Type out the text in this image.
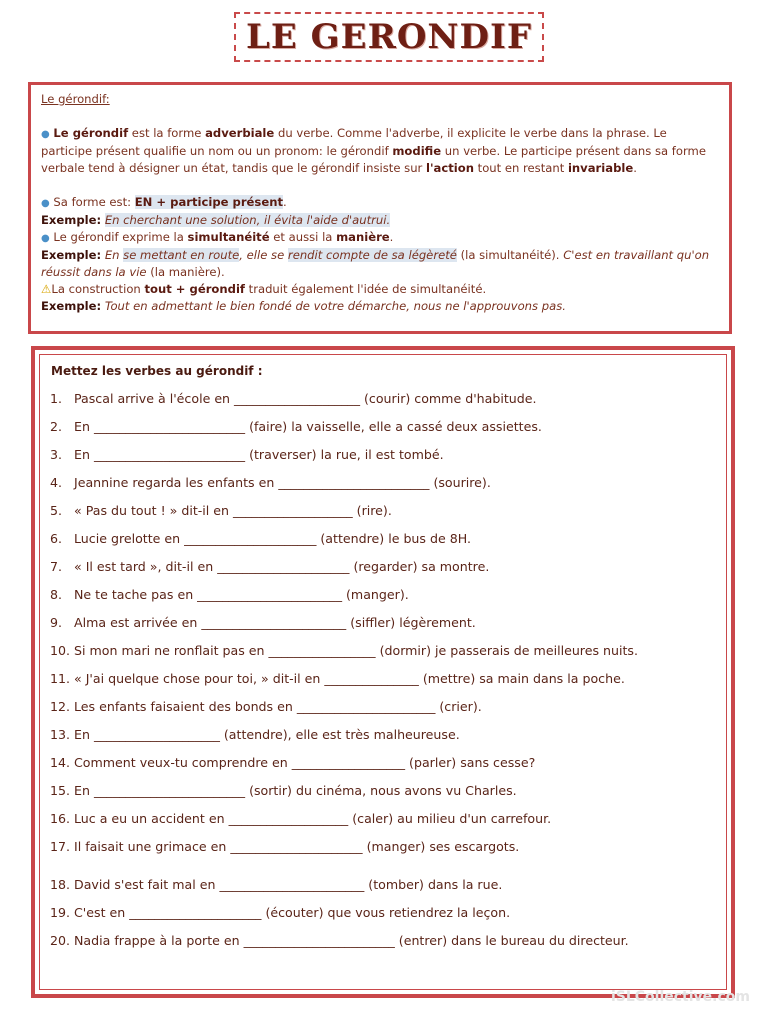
LE GERONDIF
Le gérondif:
● Le gérondif est la forme adverbiale du verbe. Comme l'adverbe, il explicite le verbe dans la phrase. Le participe présent qualifie un nom ou un pronom: le gérondif modifie un verbe. Le participe présent dans sa forme verbale tend à désigner un état, tandis que le gérondif insiste sur l'action tout en restant invariable.
● Sa forme est: EN + participe présent.
Exemple: En cherchant une solution, il évita l'aide d'autrui.
● Le gérondif exprime la simultanéité et aussi la manière.
Exemple: En se mettant en route, elle se rendit compte de sa légèreté (la simultanéité). C'est en travaillant qu'on réussit dans la vie (la manière).
⚠La construction tout + gérondif traduit également l'idée de simultanéité.
Exemple: Tout en admettant le bien fondé de votre démarche, nous ne l'approuvons pas.
Mettez les verbes au gérondif :
1. Pascal arrive à l'école en ____________________ (courir) comme d'habitude.
2. En ________________________ (faire) la vaisselle, elle a cassé deux assiettes.
3. En ________________________ (traverser) la rue, il est tombé.
4. Jeannine regarda les enfants en ________________________ (sourire).
5. « Pas du tout ! » dit-il en ___________________ (rire).
6. Lucie grelotte en _____________________ (attendre) le bus de 8H.
7. « Il est tard », dit-il en _____________________ (regarder) sa montre.
8. Ne te tache pas en _______________________ (manger).
9. Alma est arrivée en _______________________ (siffler) légèrement.
10. Si mon mari ne ronflait pas en _________________ (dormir) je passerais de meilleures nuits.
11. « J'ai quelque chose pour toi, » dit-il en _______________ (mettre) sa main dans la poche.
12. Les enfants faisaient des bonds en ______________________ (crier).
13. En ____________________ (attendre), elle est très malheureuse.
14. Comment veux-tu comprendre en __________________ (parler) sans cesse?
15. En ________________________ (sortir) du cinéma, nous avons vu Charles.
16. Luc a eu un accident en ___________________ (caler) au milieu d'un carrefour.
17. Il faisait une grimace en _____________________ (manger) ses escargots.
18. David s'est fait mal en _______________________ (tomber) dans la rue.
19. C'est en _____________________ (écouter) que vous retiendrez la leçon.
20. Nadia frappe à la porte en ________________________ (entrer) dans le bureau du directeur.
iSLCollective.com
